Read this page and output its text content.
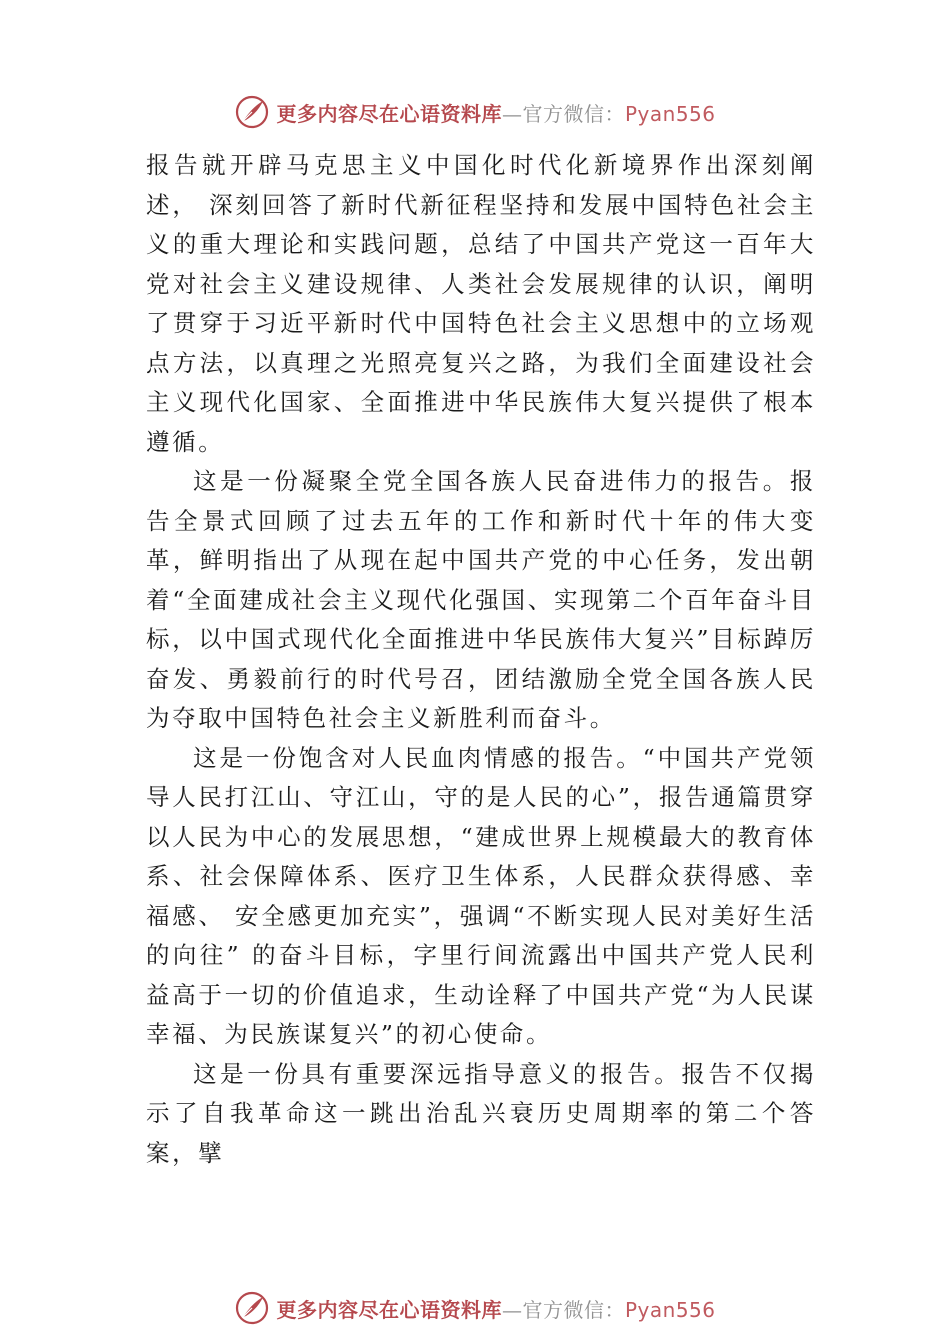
更多内容尽在心语资料库—官方微信：Pyan556

报告就开辟马克思主义中国化时代化新境界作出深刻阐述， 深刻回答了新时代新征程坚持和发展中国特色社会主义的重大理论和实践问题，总结了中国共产党这一百年大党对社会主义建设规律、人类社会发展规律的认识，阐明了贯穿于习近平新时代中国特色社会主义思想中的立场观点方法，以真理之光照亮复兴之路，为我们全面建设社会主义现代化国家、全面推进中华民族伟大复兴提供了根本遵循。

这是一份凝聚全党全国各族人民奋进伟力的报告。报告全景式回顾了过去五年的工作和新时代十年的伟大变革，鲜明指出了从现在起中国共产党的中心任务，发出朝着“全面建成社会主义现代化强国、实现第二个百年奋斗目标，以中国式现代化全面推进中华民族伟大复兴”目标踔厉奋发、勇毅前行的时代号召，团结激励全党全国各族人民为夺取中国特色社会主义新胜利而奋斗。

这是一份饱含对人民血肉情感的报告。“中国共产党领导人民打江山、守江山，守的是人民的心”，报告通篇贯穿以人民为中心的发展思想，“建成世界上规模最大的教育体系、社会保障体系、医疗卫生体系，人民群众获得感、幸福感、 安全感更加充实”，强调“不断实现人民对美好生活的向往” 的奋斗目标，字里行间流露出中国共产党人民利益高于一切的价值追求，生动诠释了中国共产党“为人民谋幸福、为民族谋复兴”的初心使命。

这是一份具有重要深远指导意义的报告。报告不仅揭示了自我革命这一跳出治乱兴衰历史周期率的第二个答案，擘

更多内容尽在心语资料库—官方微信：Pyan556
